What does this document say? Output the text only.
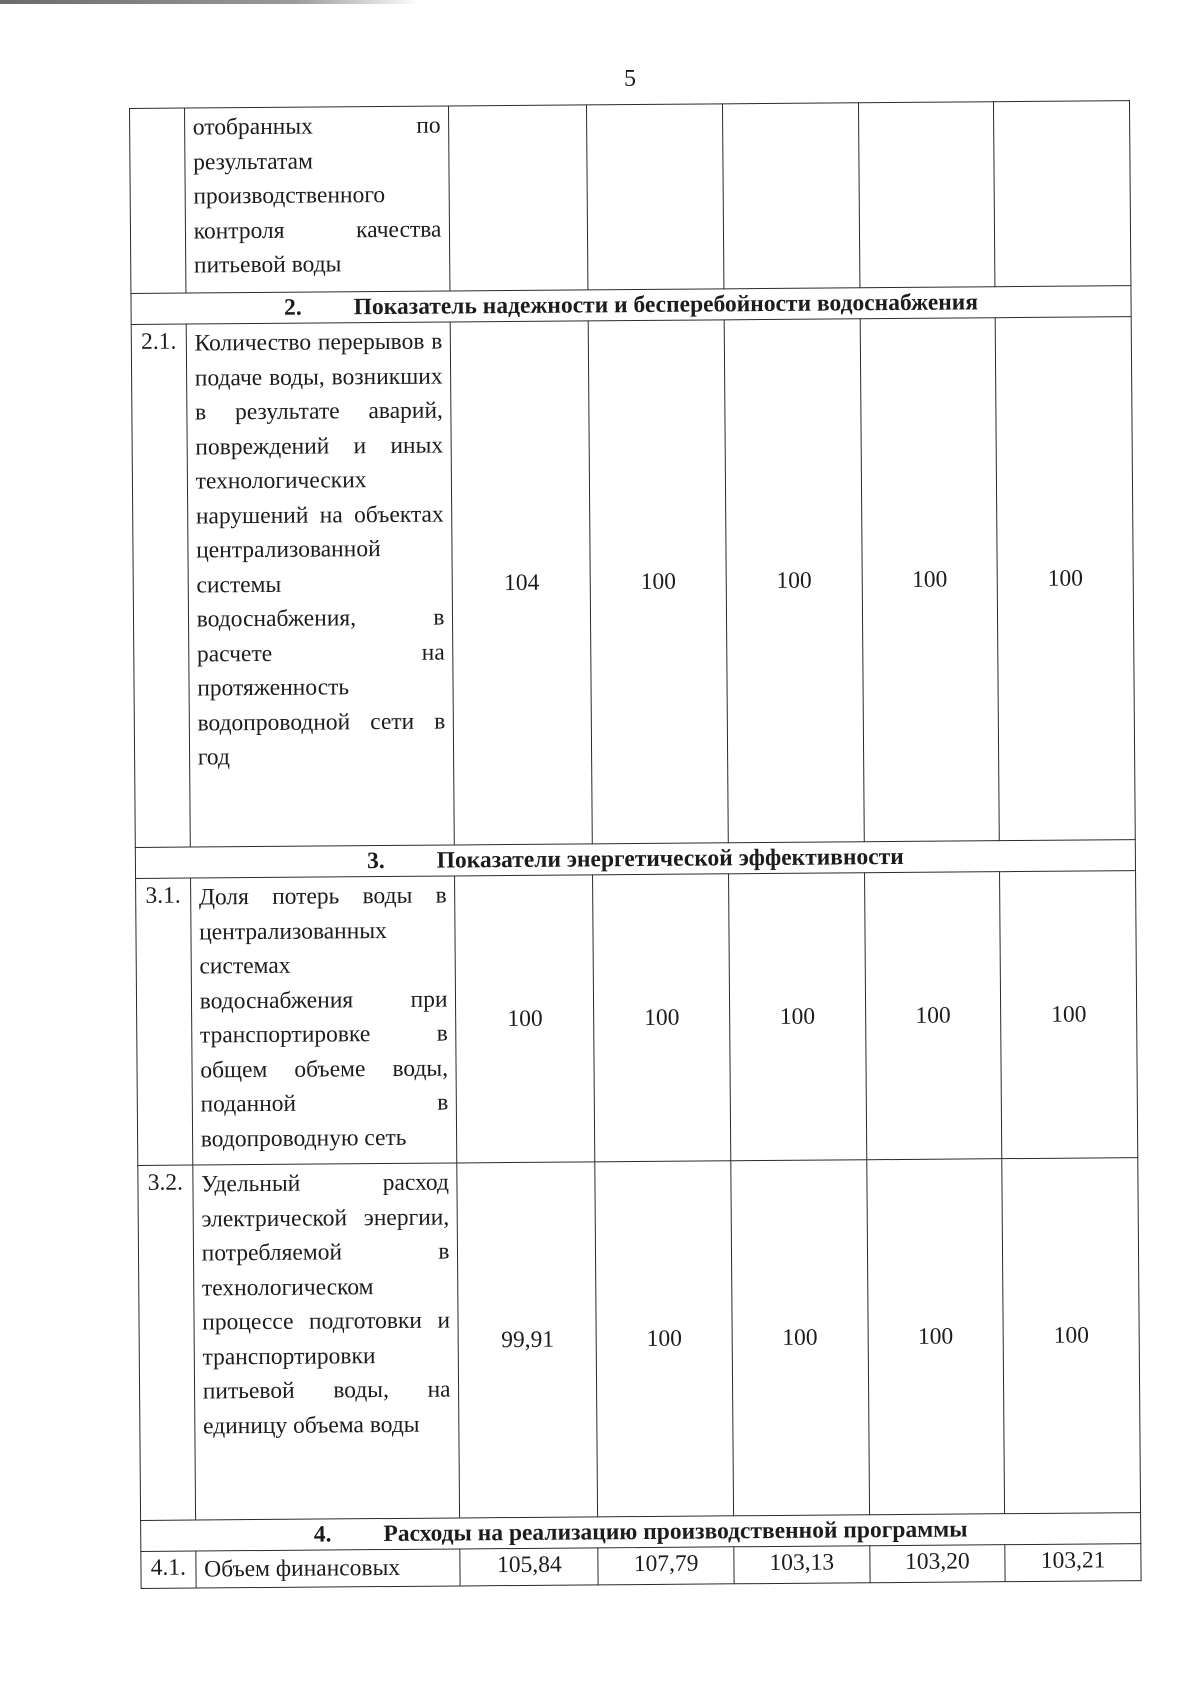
5
	отобранных по результатам производственного контроля качества питьевой воды					
2. Показатель надежности и бесперебойности водоснабжения						
2.1.	Количество перерывов в подаче воды, возникших в результате аварий, повреждений и иных технологических нарушений на объектах централизованной системы водоснабжения, в расчете на протяженность водопроводной сети в год	104	100	100	100	100
3. Показатели энергетической эффективности						
3.1.	Доля потерь воды в централизованных системах водоснабжения при транспортировке в общем объеме воды, поданной в водопроводную сеть	100	100	100	100	100
3.2.	Удельный расход электрической энергии, потребляемой в технологическом процессе подготовки и транспортировки питьевой воды, на единицу объема воды	99,91	100	100	100	100
4. Расходы на реализацию производственной программы						
4.1.	Объем финансовых	105,84	107,79	103,13	103,20	103,21
